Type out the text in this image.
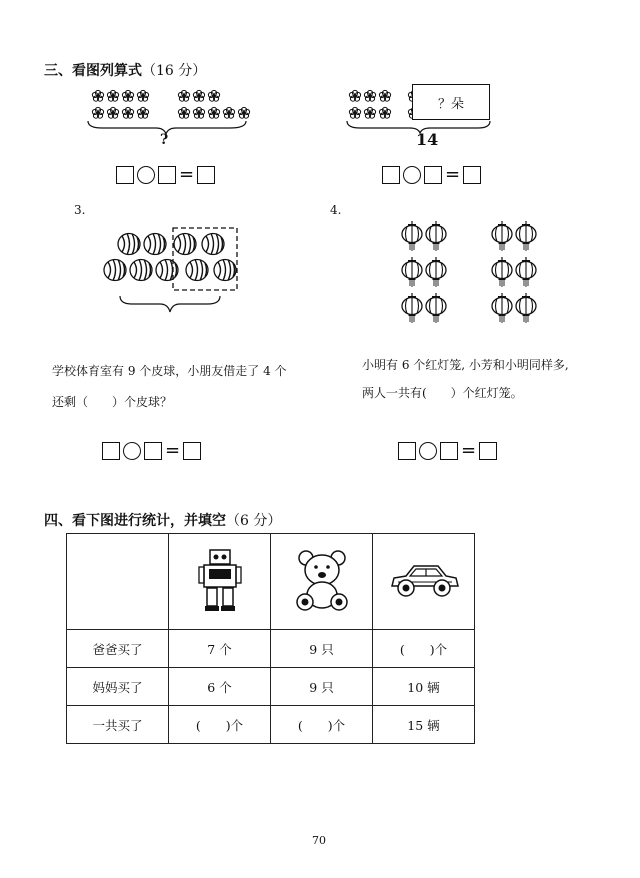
三、看图列算式（16 分）
?
=
？朵
14
=
3.
学校体育室有 9 个皮球，小朋友借走了 4 个
还剩（　　）个皮球？
=
4.
小明有 6 个红灯笼, 小芳和小明同样多,
两人一共有(　　）个红灯笼。
=
四、看下图进行统计，并填空（6 分）

爸爸买了	7 个	9 只	(　　)个
妈妈买了	6 个	9 只	10 辆
一共买了	(　　)个	(　　)个	15 辆
70
